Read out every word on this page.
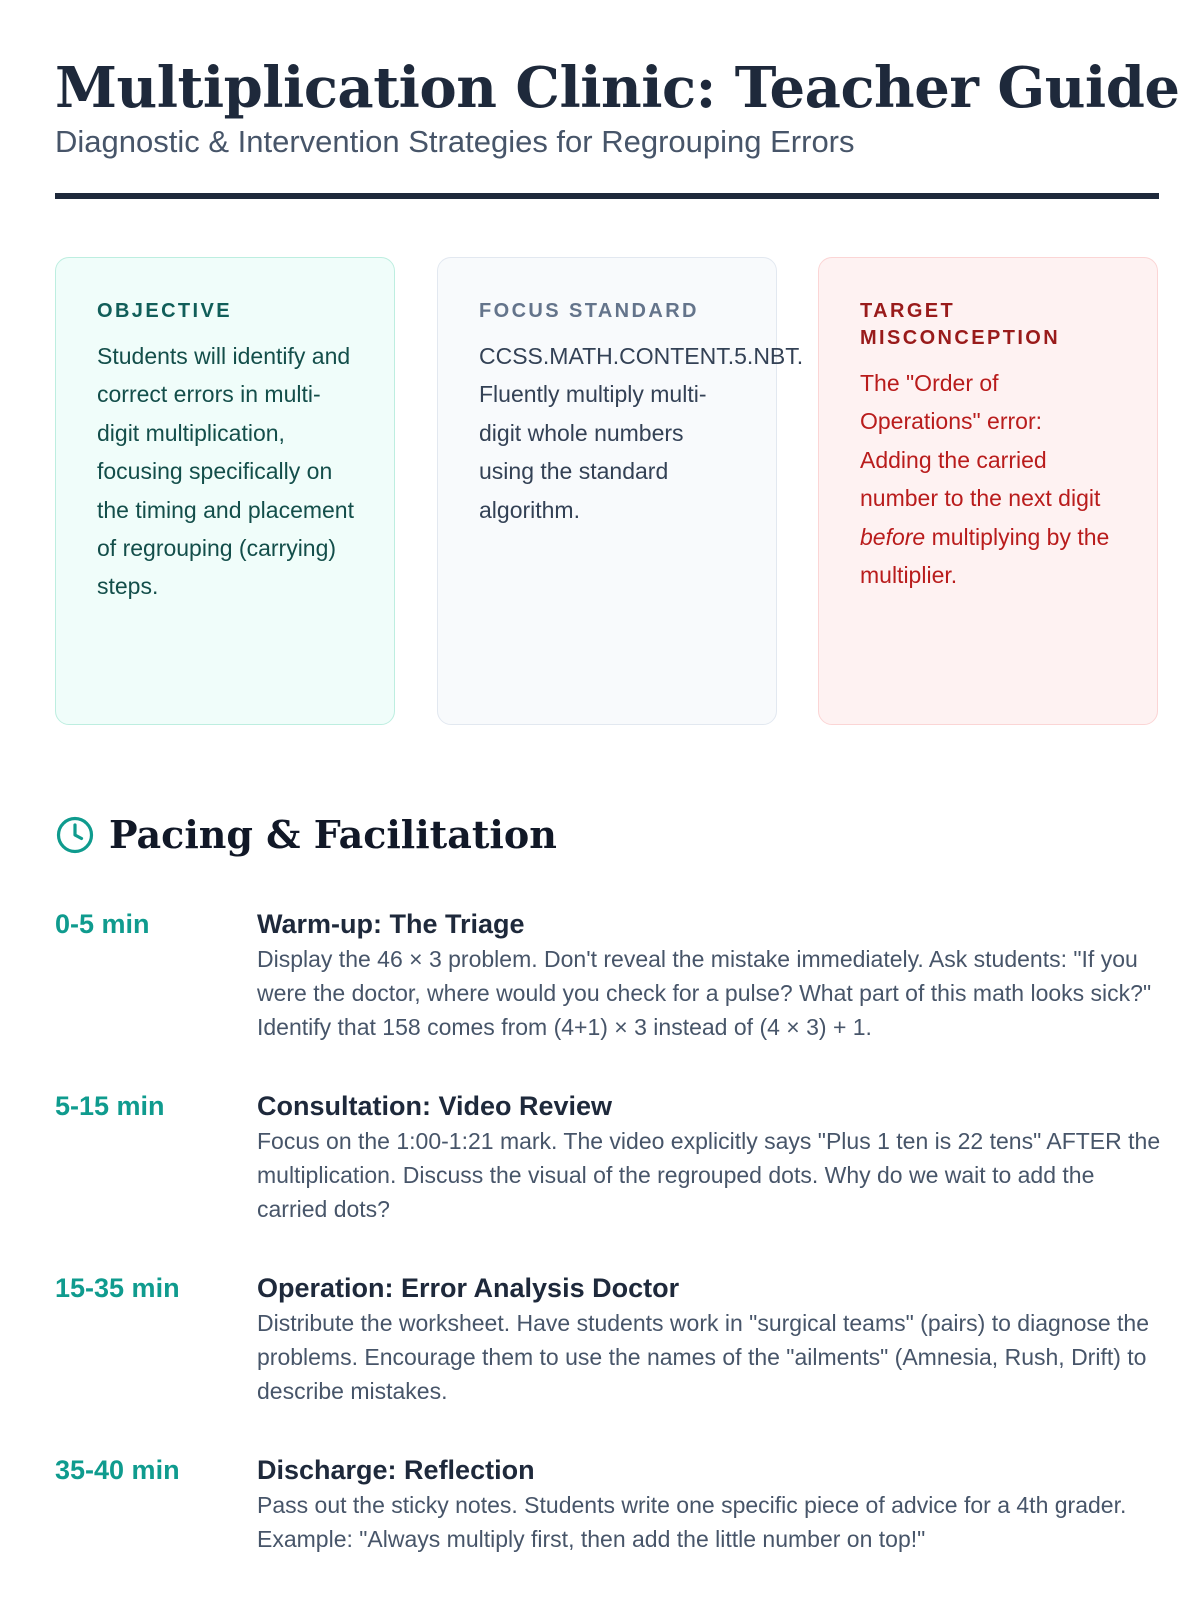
Multiplication Clinic: Teacher Guide

Diagnostic & Intervention Strategies for Regrouping Errors

OBJECTIVE
Students will identify and correct errors in multi-digit multiplication, focusing specifically on the timing and placement of regrouping (carrying) steps.
FOCUS STANDARD
CCSS.MATH.CONTENT.5.NBT.
Fluently multiply multi-digit whole numbers using the standard algorithm.
TARGET MISCONCEPTION
The "Order of Operations" error: Adding the carried number to the next digit before multiplying by the multiplier.
Pacing & Facilitation
0-5 min	Warm-up: The Triage
Display the 46 × 3 problem. Don't reveal the mistake immediately. Ask students: "If you were the doctor, where would you check for a pulse? What part of this math looks sick?" Identify that 158 comes from (4+1) × 3 instead of (4 × 3) + 1.
5-15 min	Consultation: Video Review
Focus on the 1:00-1:21 mark. The video explicitly says "Plus 1 ten is 22 tens" AFTER the multiplication. Discuss the visual of the regrouped dots. Why do we wait to add the carried dots?
15-35 min	Operation: Error Analysis Doctor
Distribute the worksheet. Have students work in "surgical teams" (pairs) to diagnose the problems. Encourage them to use the names of the "ailments" (Amnesia, Rush, Drift) to describe mistakes.
35-40 min	Discharge: Reflection
Pass out the sticky notes. Students write one specific piece of advice for a 4th grader. Example: "Always multiply first, then add the little number on top!"
